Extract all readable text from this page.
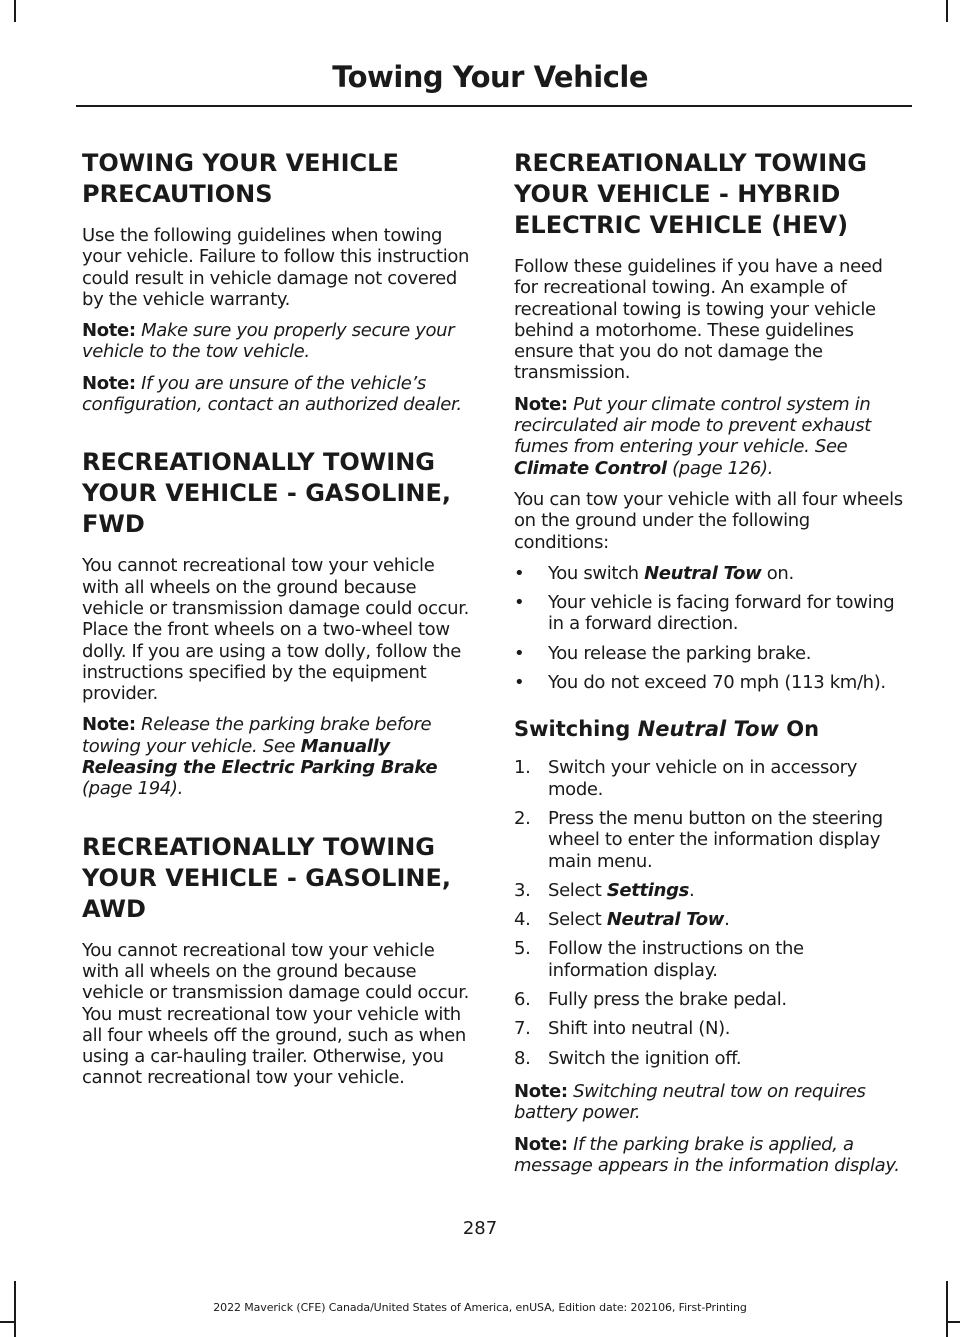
Towing Your Vehicle
TOWING YOUR VEHICLE
PRECAUTIONS

Use the following guidelines when towing your vehicle. Failure to follow this instruction could result in vehicle damage not covered by the vehicle warranty.

Note: Make sure you properly secure your vehicle to the tow vehicle.

Note: If you are unsure of the vehicle’s configuration, contact an authorized dealer.

RECREATIONALLY TOWING
YOUR VEHICLE - GASOLINE,
FWD

You cannot recreational tow your vehicle with all wheels on the ground because vehicle or transmission damage could occur. Place the front wheels on a two-wheel tow dolly. If you are using a tow dolly, follow the instructions specified by the equipment provider.

Note: Release the parking brake before towing your vehicle. See Manually Releasing the Electric Parking Brake (page 194).

RECREATIONALLY TOWING
YOUR VEHICLE - GASOLINE,
AWD

You cannot recreational tow your vehicle with all wheels on the ground because vehicle or transmission damage could occur. You must recreational tow your vehicle with all four wheels off the ground, such as when using a car-hauling trailer. Otherwise, you cannot recreational tow your vehicle.

RECREATIONALLY TOWING
YOUR VEHICLE - HYBRID
ELECTRIC VEHICLE (HEV)

Follow these guidelines if you have a need for recreational towing. An example of recreational towing is towing your vehicle behind a motorhome. These guidelines ensure that you do not damage the transmission.

Note: Put your climate control system in recirculated air mode to prevent exhaust fumes from entering your vehicle. See Climate Control (page 126).

You can tow your vehicle with all four wheels on the ground under the following conditions:

• You switch Neutral Tow on.
• Your vehicle is facing forward for towing in a forward direction.
• You release the parking brake.
• You do not exceed 70 mph (113 km/h).
Switching Neutral Tow On
1. Switch your vehicle on in accessory mode.
2. Press the menu button on the steering wheel to enter the information display main menu.
3. Select Settings.
4. Select Neutral Tow.
5. Follow the instructions on the information display.
6. Fully press the brake pedal.
7. Shift into neutral (N).
8. Switch the ignition off.

Note: Switching neutral tow on requires battery power.

Note: If the parking brake is applied, a message appears in the information display.

287
2022 Maverick (CFE) Canada/United States of America, enUSA, Edition date: 202106, First-Printing
